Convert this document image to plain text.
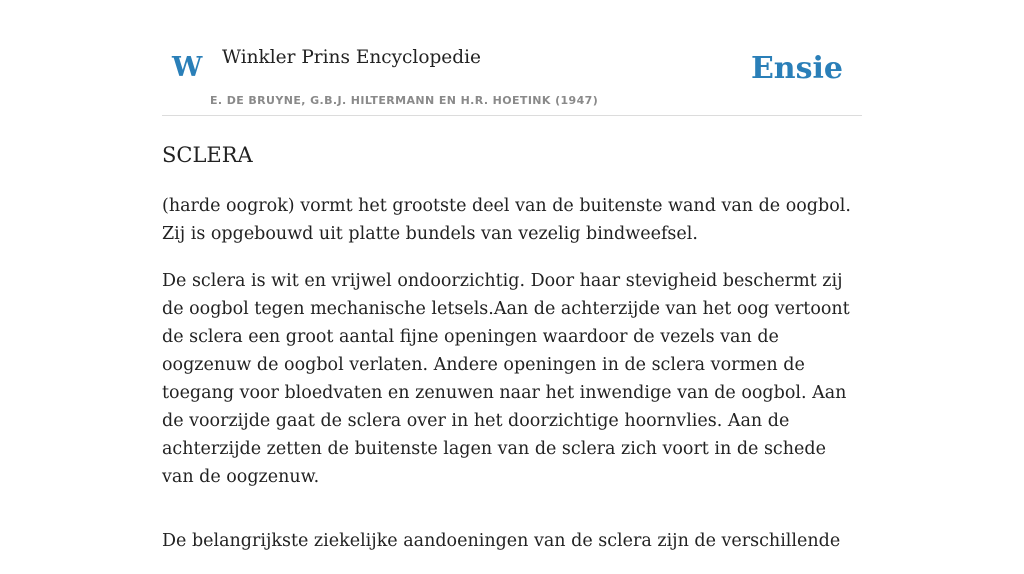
W Winkler Prins Encyclopedie
E. DE BRUYNE, G.B.J. HILTERMANN EN H.R. HOETINK (1947)
Ensie
SCLERA

(harde oogrok) vormt het grootste deel van de buitenste wand van de oogbol. Zij is opgebouwd uit platte bundels van vezelig bindweefsel.

De sclera is wit en vrijwel ondoorzichtig. Door haar stevigheid beschermt zij de oogbol tegen mechanische letsels.Aan de achterzijde van het oog vertoont de sclera een groot aantal fijne openingen waardoor de vezels van de oogzenuw de oogbol verlaten. Andere openingen in de sclera vormen de toegang voor bloedvaten en zenuwen naar het inwendige van de oogbol. Aan de voorzijde gaat de sclera over in het doorzichtige hoornvlies. Aan de achterzijde zetten de buitenste lagen van de sclera zich voort in de schede van de oogzenuw.

De belangrijkste ziekelijke aandoeningen van de sclera zijn de verschillende
